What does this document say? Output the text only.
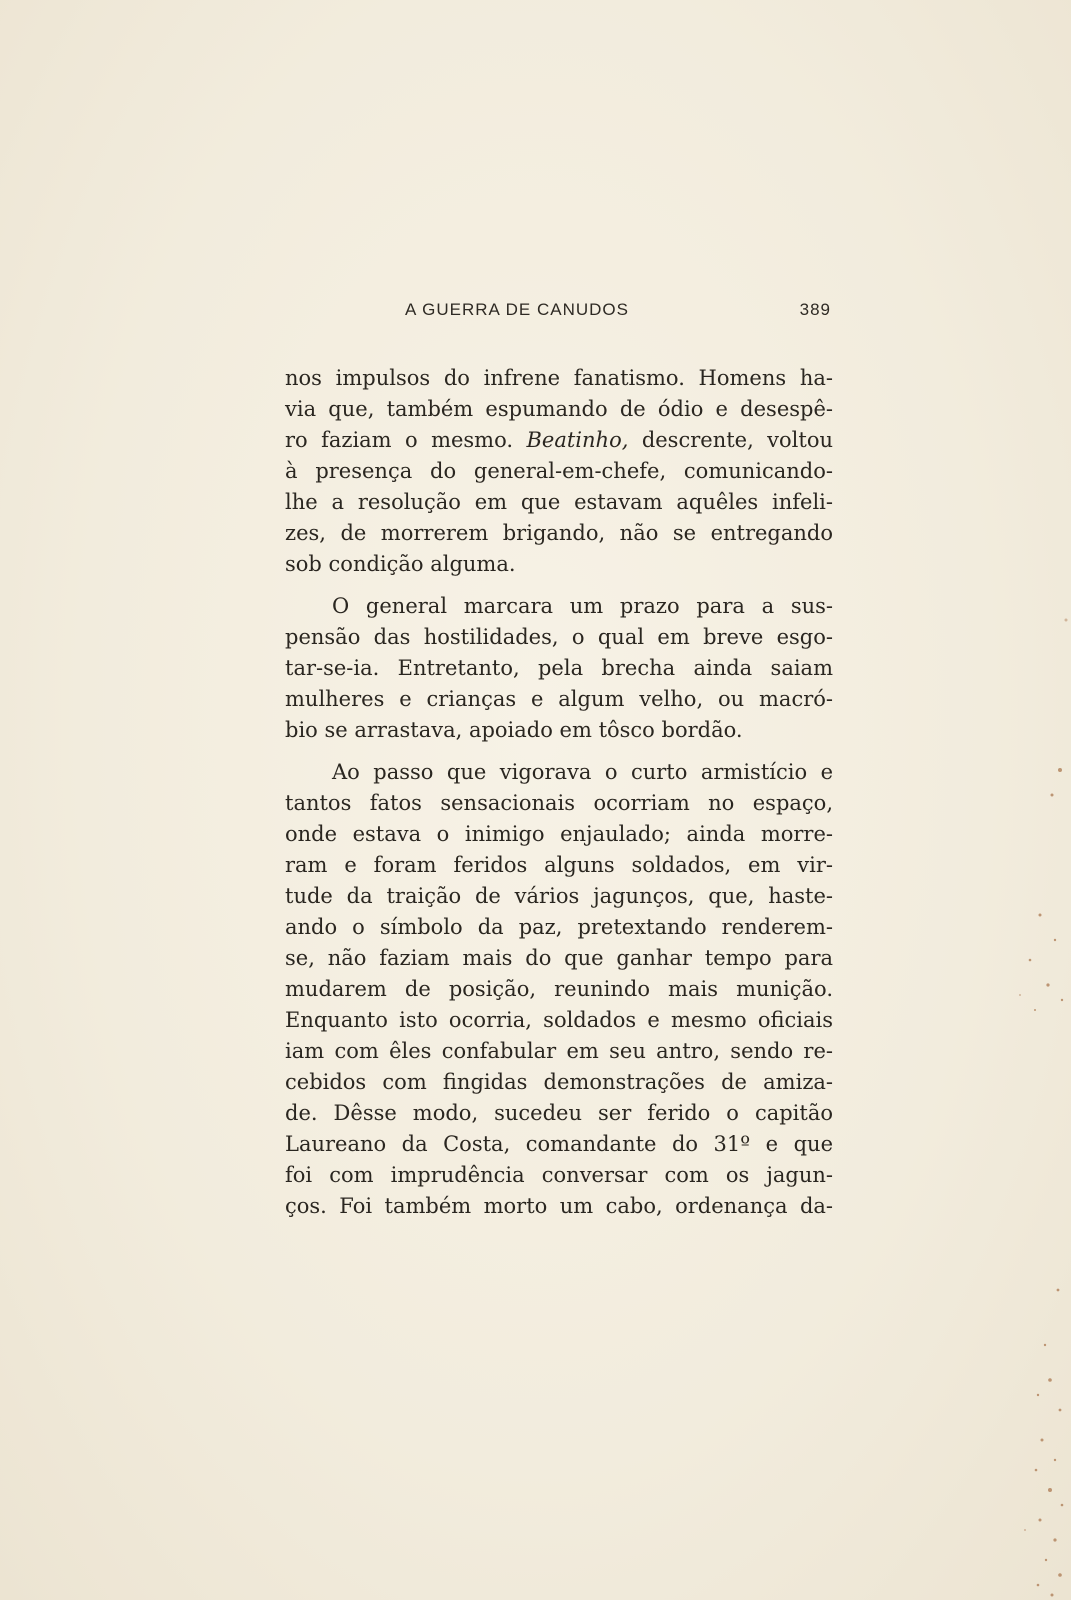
A GUERRA DE CANUDOS	389
nos impulsos do infrene fanatismo. Homens ha-
via que, também espumando de ódio e desespê-
ro faziam o mesmo. Beatinho, descrente, voltou
à presença do general-em-chefe, comunicando-
lhe a resolução em que estavam aquêles infeli-
zes, de morrerem brigando, não se entregando
sob condição alguma.
O general marcara um prazo para a sus-
pensão das hostilidades, o qual em breve esgo-
tar-se-ia. Entretanto, pela brecha ainda saiam
mulheres e crianças e algum velho, ou macró-
bio se arrastava, apoiado em tôsco bordão.
Ao passo que vigorava o curto armistício e
tantos fatos sensacionais ocorriam no espaço,
onde estava o inimigo enjaulado; ainda morre-
ram e foram feridos alguns soldados, em vir-
tude da traição de vários jagunços, que, haste-
ando o símbolo da paz, pretextando renderem-
se, não faziam mais do que ganhar tempo para
mudarem de posição, reunindo mais munição.
Enquanto isto ocorria, soldados e mesmo oficiais
iam com êles confabular em seu antro, sendo re-
cebidos com fingidas demonstrações de amiza-
de. Dêsse modo, sucedeu ser ferido o capitão
Laureano da Costa, comandante do 31º e que
foi com imprudência conversar com os jagun-
ços. Foi também morto um cabo, ordenança da-
